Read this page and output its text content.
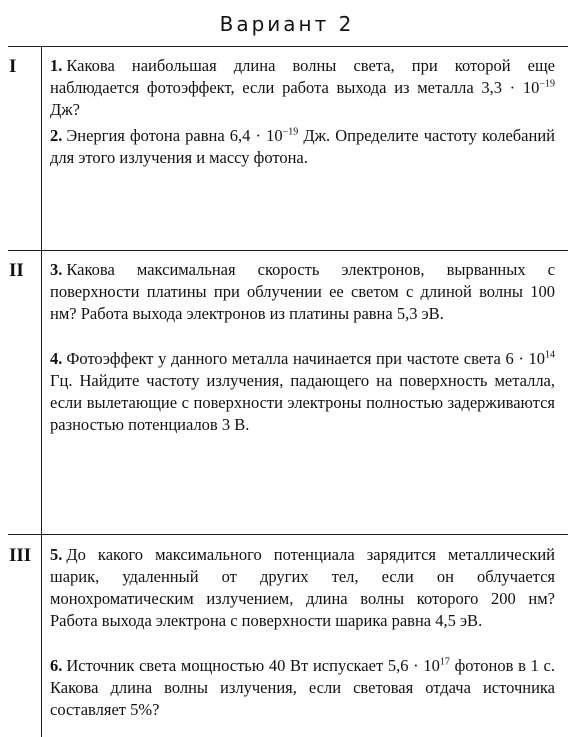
Вариант 2
I 1. Какова наибольшая длина волны света, при которой еще наблюдается фотоэффект, если работа выхода из металла $3,3 \cdot 10^{-19}$ Дж?
2. Энергия фотона равна $6,4 \cdot 10^{-19}$ Дж. Определите частоту колебаний для этого излучения и массу фотона.
II 3. Какова максимальная скорость электронов, вырванных с поверхности платины при облучении ее светом с длиной волны 100 нм? Работа выхода электронов из платины равна 5,3 эВ.
4. Фотоэффект у данного металла начинается при частоте света $6 \cdot 10^{14}$ Гц. Найдите частоту излучения, падающего на поверхность металла, если вылетающие с поверхности электроны полностью задерживаются разностью потенциалов 3 В.
III 5. До какого максимального потенциала зарядится металлический шарик, удаленный от других тел, если он облучается монохроматическим излучением, длина волны которого 200 нм? Работа выхода электрона с поверхности шарика равна 4,5 эВ.
6. Источник света мощностью 40 Вт испускает $5,6 \cdot 10^{17}$ фотонов в 1 с. Какова длина волны излучения, если световая отдача источника составляет 5%?
